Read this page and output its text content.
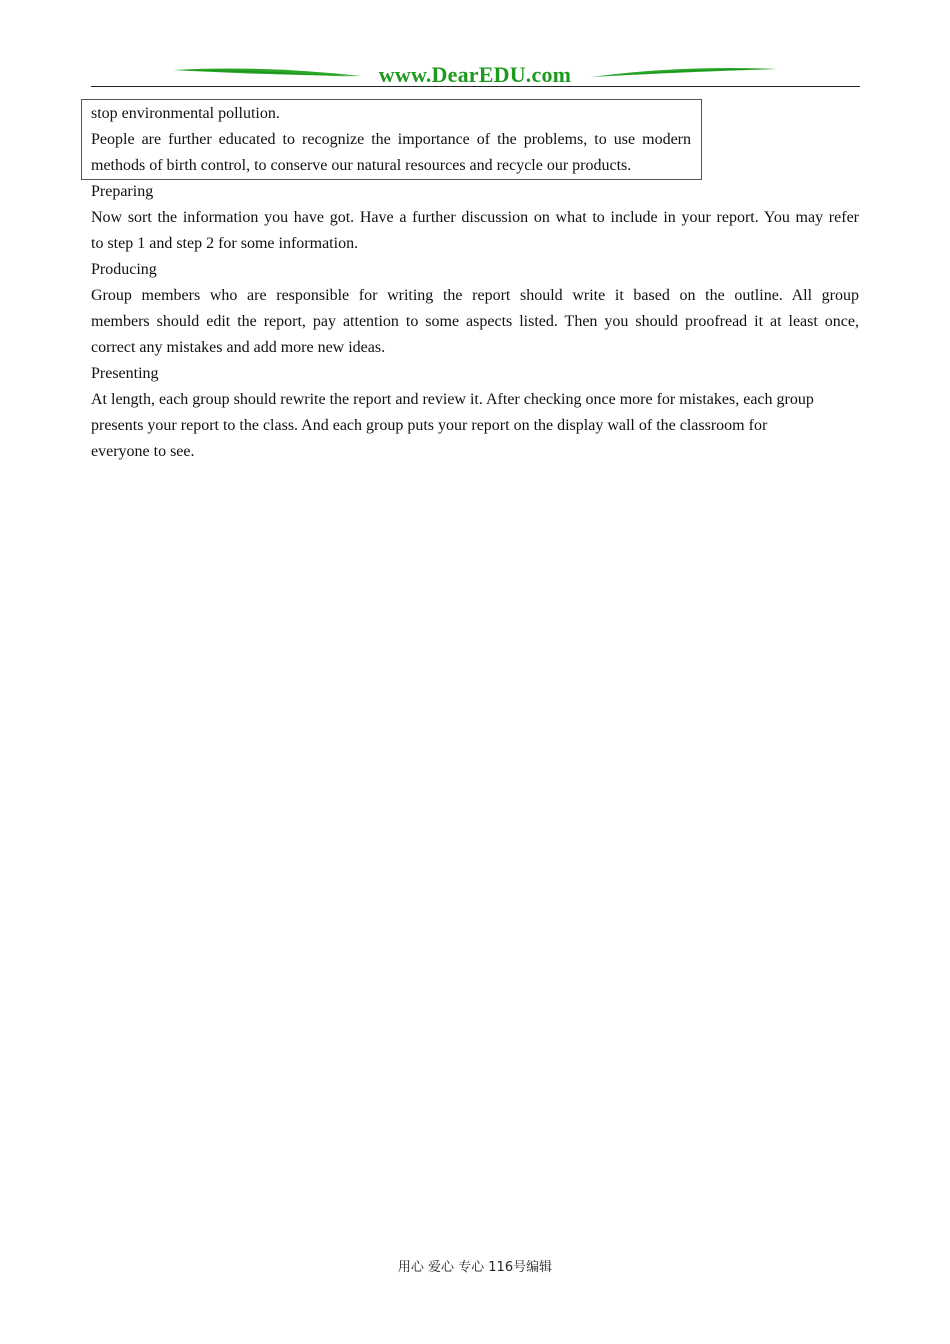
www.DearEDU.com

stop environmental pollution.

People are further educated to recognize the importance of the problems, to use modern

methods of birth control, to conserve our natural resources and recycle our products.

Preparing

Now sort the information you have got. Have a further discussion on what to include in your report. You may refer

to step 1 and step 2 for some information.

Producing

Group members who are responsible for writing the report should write it based on the outline. All group

members should edit the report, pay attention to some aspects listed. Then you should proofread it at least once,

correct any mistakes and add more new ideas.

Presenting

At length, each group should rewrite the report and review it. After checking once more for mistakes, each group

presents your report to the class. And each group puts your report on the display wall of the classroom for

everyone to see.

用心 爱心 专心 116号编辑
